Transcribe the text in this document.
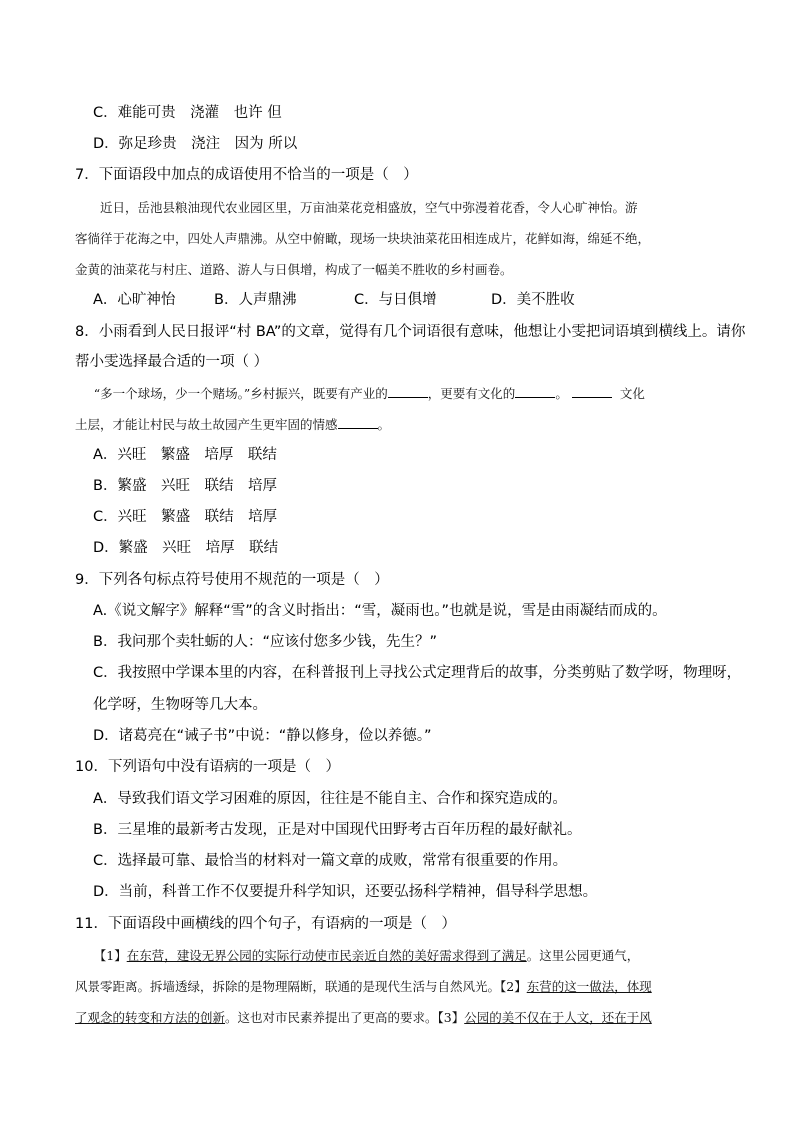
C．难能可贵　浇灌　也许 但
D．弥足珍贵　浇注　因为 所以
7．下面语段中加点的成语使用不恰当的一项是（　）

近日，岳池县粮油现代农业园区里，万亩油菜花竞相盛放，空气中弥漫着花香，令人心旷神怡。游

客徜徉于花海之中，四处人声鼎沸。从空中俯瞰，现场一块块油菜花田相连成片，花鲜如海，绵延不绝，

金黄的油菜花与村庄、道路、游人与日俱增，构成了一幅美不胜收的乡村画卷。

A．心旷神怡	B．人声鼎沸	C．与日俱增	D．美不胜收
8．小雨看到人民日报评“村 BA”的文章，觉得有几个词语很有意味，他想让小雯把词语填到横线上。请你
帮小雯选择最合适的一项（ ）

“多一个球场，少一个赌场。”乡村振兴，既要有产业的	，更要有文化的	。	文化

土层，才能让村民与故土故园产生更牢固的情感	。

A．兴旺　繁盛　培厚　联结
B．繁盛　兴旺　联结　培厚
C．兴旺　繁盛　联结　培厚
D．繁盛　兴旺　培厚　联结
9．下列各句标点符号使用不规范的一项是（　）
A.《说文解字》解释“雪”的含义时指出：“雪，凝雨也。”也就是说，雪是由雨凝结而成的。
B．我问那个卖牡蛎的人：“应该付您多少钱，先生？”
C．我按照中学课本里的内容，在科普报刊上寻找公式定理背后的故事，分类剪贴了数学呀，物理呀，
化学呀，生物呀等几大本。
D．诸葛亮在“诫子书”中说：“静以修身，俭以养德。”
10．下列语句中没有语病的一项是（　）
A．导致我们语文学习困难的原因，往往是不能自主、合作和探究造成的。
B．三星堆的最新考古发现，正是对中国现代田野考古百年历程的最好献礼。
C．选择最可靠、最恰当的材料对一篇文章的成败，常常有很重要的作用。
D．当前，科普工作不仅要提升科学知识，还要弘扬科学精神，倡导科学思想。
11．下面语段中画横线的四个句子，有语病的一项是（　）

【1】在东营，建设无界公园的实际行动使市民亲近自然的美好需求得到了满足。这里公园更通气，

风景零距离。拆墙透绿，拆除的是物理隔断，联通的是现代生活与自然风光。【2】东营的这一做法，体现

了观念的转变和方法的创新。这也对市民素养提出了更高的要求。【3】公园的美不仅在于人文，还在于风
